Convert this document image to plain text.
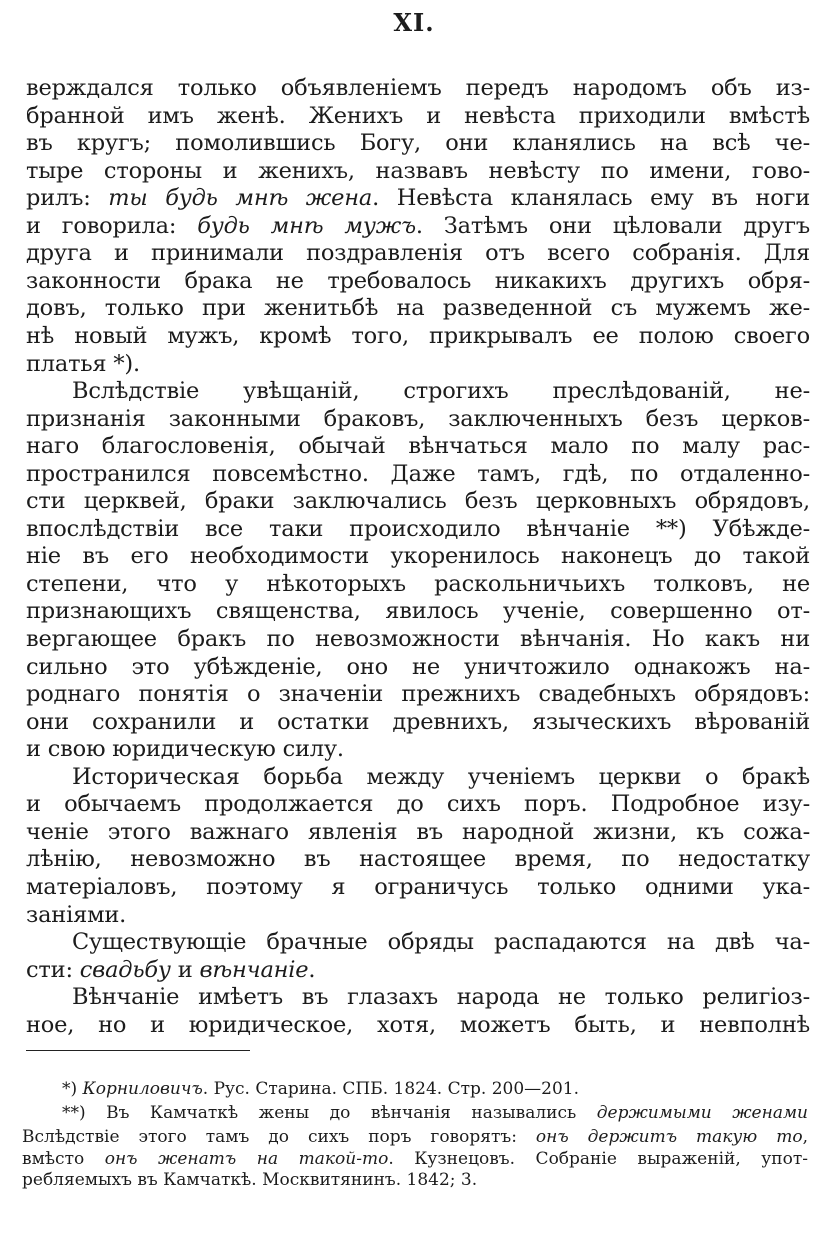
XI.
верждался только объявленіемъ передъ народомъ объ из-
бранной имъ женѣ. Женихъ и невѣста приходили вмѣстѣ
въ кругъ; помолившись Богу, они кланялись на всѣ че-
тыре стороны и женихъ, назвавъ невѣсту по имени, гово-
рилъ: ты будь мнѣ жена. Невѣста кланялась ему въ ноги
и говорила: будь мнѣ мужъ. Затѣмъ они цѣловали другъ
друга и принимали поздравленія отъ всего собранія. Для
законности брака не требовалось никакихъ другихъ обря-
довъ, только при женитьбѣ на разведенной съ мужемъ же-
нѣ новый мужъ, кромѣ того, прикрывалъ ее полою своего
платья *).
Вслѣдствіе увѣщаній, строгихъ преслѣдованій, не-
признанія законными браковъ, заключенныхъ безъ церков-
наго благословенія, обычай вѣнчаться мало по малу рас-
пространился повсемѣстно. Даже тамъ, гдѣ, по отдаленно-
сти церквей, браки заключались безъ церковныхъ обрядовъ,
впослѣдствіи все таки происходило вѣнчаніе **) Убѣжде-
ніе въ его необходимости укоренилось наконецъ до такой
степени, что у нѣкоторыхъ раскольничьихъ толковъ, не
признающихъ священства, явилось ученіе, совершенно от-
вергающее бракъ по невозможности вѣнчанія. Но какъ ни
сильно это убѣжденіе, оно не уничтожило однакожъ на-
роднаго понятія о значеніи прежнихъ свадебныхъ обрядовъ:
они сохранили и остатки древнихъ, языческихъ вѣрованій
и свою юридическую силу.
Историческая борьба между ученіемъ церкви о бракѣ
и обычаемъ продолжается до сихъ поръ. Подробное изу-
ченіе этого важнаго явленія въ народной жизни, къ сожа-
лѣнію, невозможно въ настоящее время, по недостатку
матеріаловъ, поэтому я ограничусь только одними ука-
заніями.
Существующіе брачные обряды распадаются на двѣ ча-
сти: свадьбу и вѣнчаніе.
Вѣнчаніе имѣетъ въ глазахъ народа не только религіоз-
ное, но и юридическое, хотя, можетъ быть, и невполнѣ
*) Корниловичъ. Рус. Старина. СПБ. 1824. Стр. 200—201.
**) Въ Камчаткѣ жены до вѣнчанія назывались держимыми женами
Вслѣдствіе этого тамъ до сихъ поръ говорятъ: онъ держитъ такую то,
вмѣсто онъ женатъ на такой-то. Кузнецовъ. Собраніе выраженій, упот-
ребляемыхъ въ Камчаткѣ. Москвитянинъ. 1842; 3.
